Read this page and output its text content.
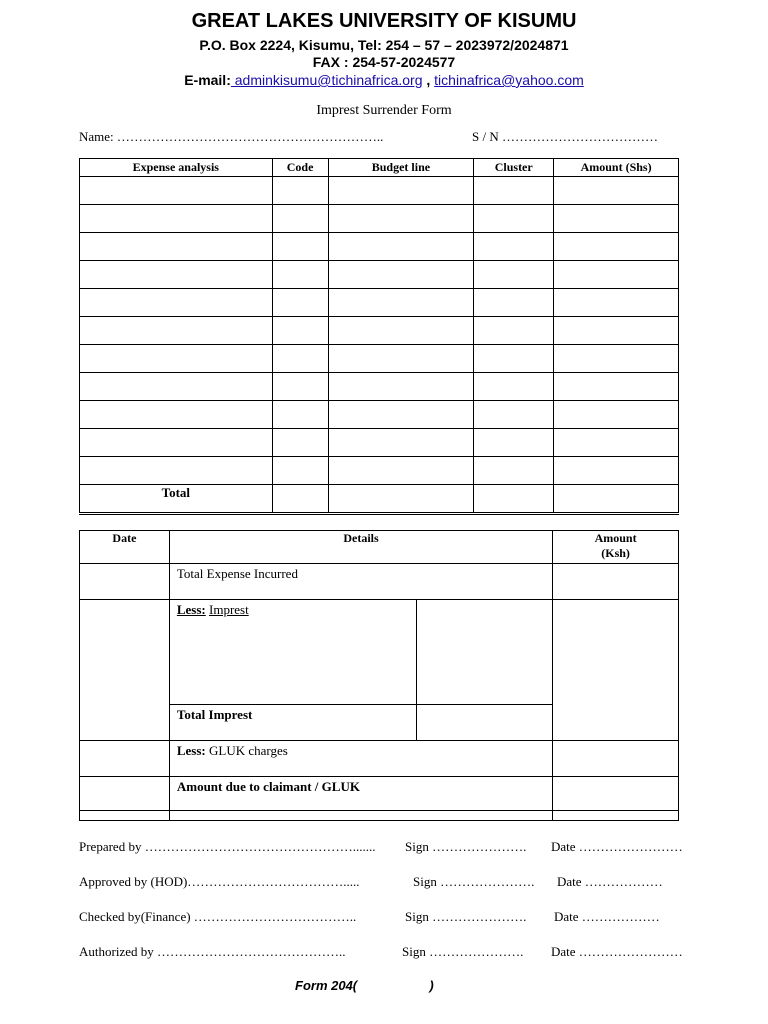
GREAT LAKES UNIVERSITY OF KISUMU
P.O. Box 2224, Kisumu, Tel: 254 – 57 – 2023972/2024871
FAX : 254-57-2024577
E-mail: adminkisumu@tichinafrica.org , tichinafrica@yahoo.com
Imprest Surrender Form
Name: ……………………………………………………..	S / N ………………………………
Expense analysis	Code	Budget line	Cluster	Amount (Shs)

Total				
Date	Details		Amount
(Ksh)

	Total Expense Incurred		
	Less: Imprest		
	Total Imprest		
	Less: GLUK charges		
	Amount due to claimant / GLUK		

Prepared by …………………………………………....... Sign …………………. Date ……………………
Approved by (HOD)……………………………….....	Sign …………………. Date ………………
Checked by(Finance) ………………………………..	Sign …………………. Date ………………
Authorized by ……………………………………..	Sign …………………. Date ……………………
Form 204(                    )
